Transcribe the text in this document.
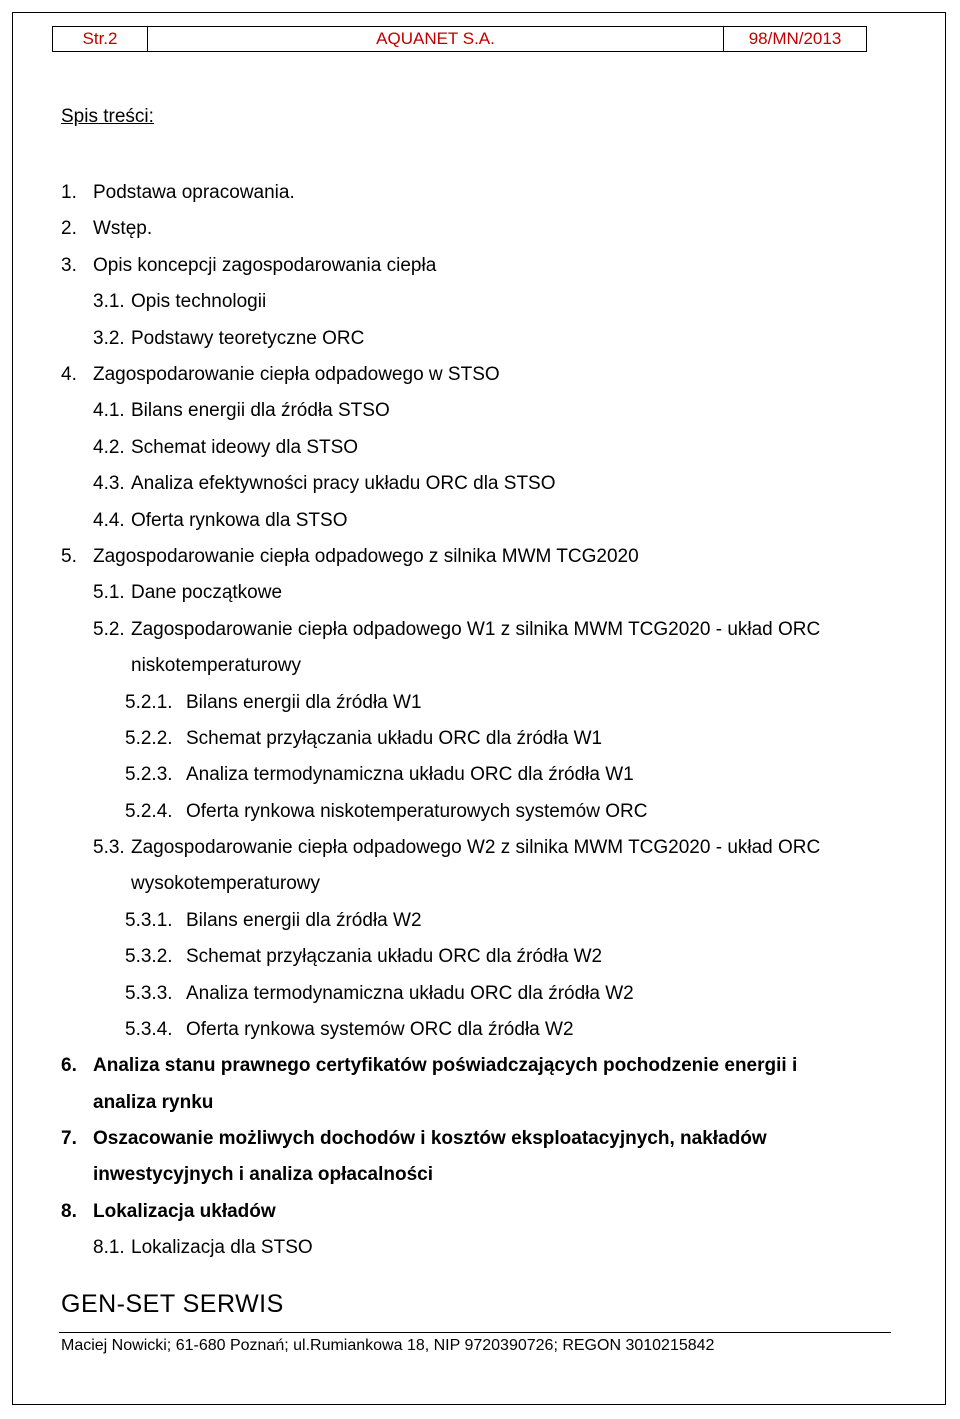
Str.2	AQUANET S.A.	98/MN/2013
Spis treści:
1. Podstawa opracowania.
2. Wstęp.
3. Opis koncepcji zagospodarowania ciepła
3.1. Opis technologii
3.2. Podstawy teoretyczne ORC
4. Zagospodarowanie ciepła odpadowego w STSO
4.1. Bilans energii dla źródła STSO
4.2. Schemat ideowy dla STSO
4.3. Analiza efektywności pracy układu ORC dla STSO
4.4. Oferta rynkowa dla STSO
5. Zagospodarowanie ciepła odpadowego z silnika MWM TCG2020
5.1. Dane początkowe
5.2. Zagospodarowanie ciepła odpadowego W1 z silnika MWM TCG2020 - układ ORC
niskotemperaturowy
5.2.1. Bilans energii dla źródła W1
5.2.2. Schemat przyłączania układu ORC dla źródła W1
5.2.3. Analiza termodynamiczna układu ORC dla źródła W1
5.2.4. Oferta rynkowa niskotemperaturowych systemów ORC
5.3. Zagospodarowanie ciepła odpadowego W2 z silnika MWM TCG2020 - układ ORC
wysokotemperaturowy
5.3.1. Bilans energii dla źródła W2
5.3.2. Schemat przyłączania układu ORC dla źródła W2
5.3.3. Analiza termodynamiczna układu ORC dla źródła W2
5.3.4. Oferta rynkowa systemów ORC dla źródła W2
6. Analiza stanu prawnego certyfikatów poświadczających pochodzenie energii i
analiza rynku
7. Oszacowanie możliwych dochodów i kosztów eksploatacyjnych, nakładów
inwestycyjnych i analiza opłacalności
8. Lokalizacja układów
8.1. Lokalizacja dla STSO
GEN-SET SERWIS
Maciej Nowicki; 61-680 Poznań; ul.Rumiankowa 18, NIP 9720390726; REGON 3010215842
